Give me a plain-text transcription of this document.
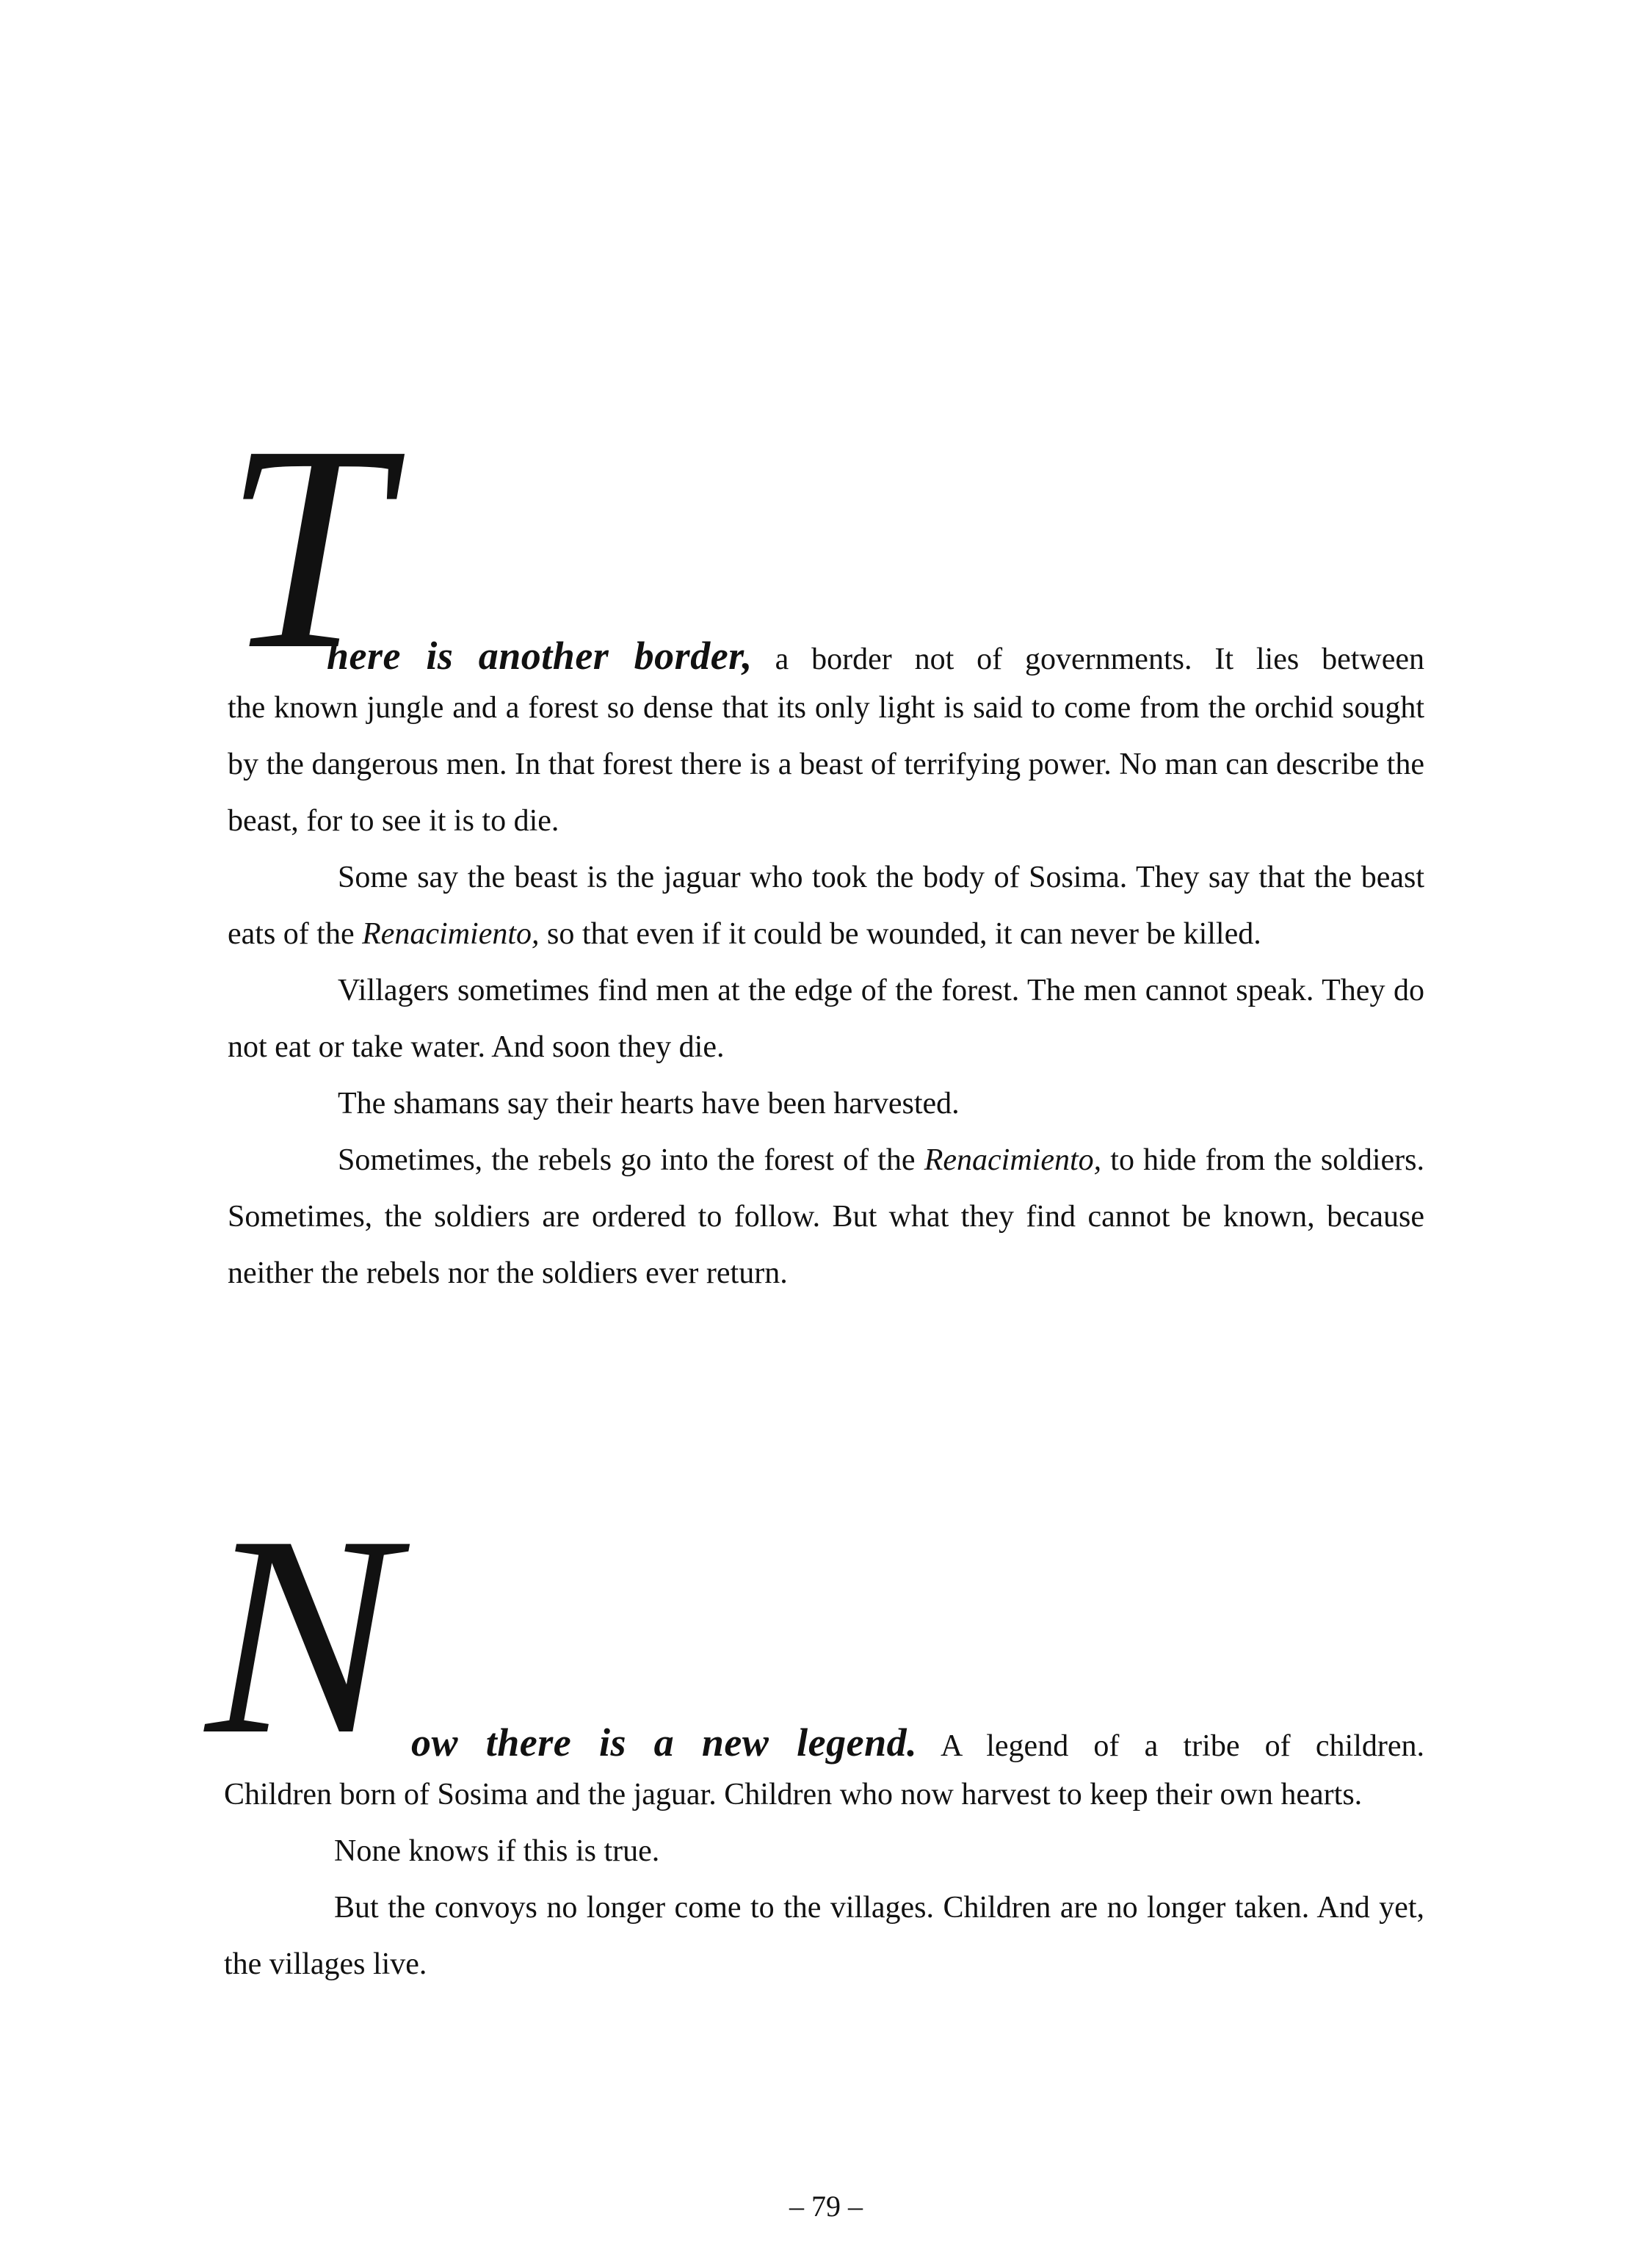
T
here is another border, a border not of governments. It lies between

the known jungle and a forest so dense that its only light is said to come from the orchid sought by the dangerous men. In that forest there is a beast of terrifying power. No man can describe the beast, for to see it is to die.

Some say the beast is the jaguar who took the body of Sosima. They say that the beast eats of the Renacimiento, so that even if it could be wounded, it can never be killed.

Villagers sometimes find men at the edge of the forest. The men cannot speak. They do not eat or take water. And soon they die.

The shamans say their hearts have been harvested.

Sometimes, the rebels go into the forest of the Renacimiento, to hide from the soldiers. Sometimes, the soldiers are ordered to follow. But what they find cannot be known, because neither the rebels nor the soldiers ever return.

N ow there is a new legend. A legend of a tribe of children.

Children born of Sosima and the jaguar. Children who now harvest to keep their own hearts.

None knows if this is true.

But the convoys no longer come to the villages. Children are no longer taken. And yet, the villages live.

– 79 –
